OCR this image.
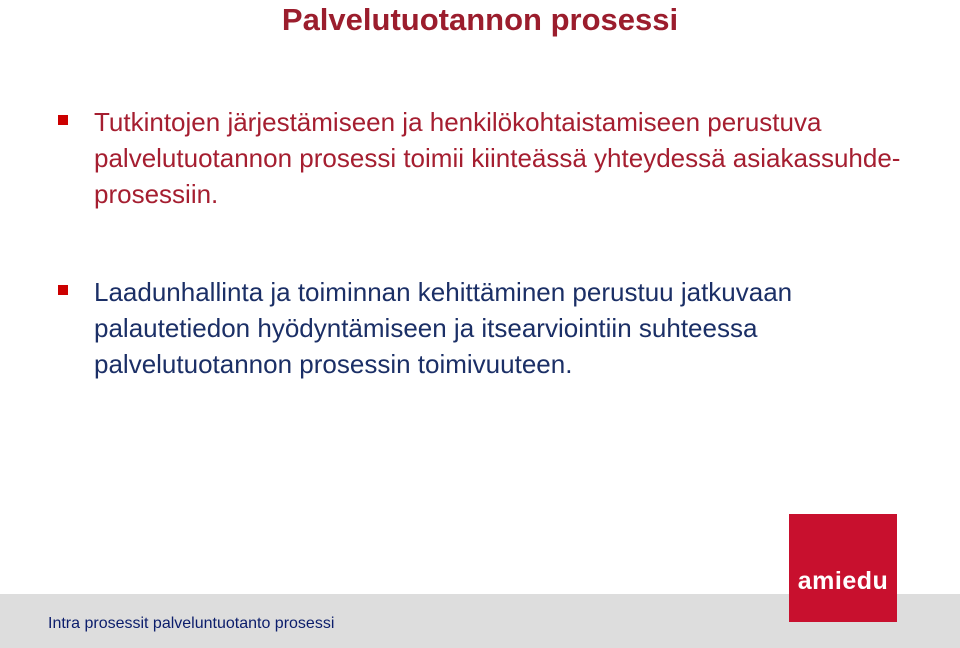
Palvelutuotannon prosessi
Tutkintojen järjestämiseen ja henkilökohtaistamiseen perustuva palvelutuotannon prosessi toimii kiinteässä yhteydessä asiakassuhde-prosessiin.
Laadunhallinta ja toiminnan kehittäminen perustuu jatkuvaan palautetiedon hyödyntämiseen ja itsearviointiin suhteessa palvelutuotannon prosessin toimivuuteen.
Intra prosessit palveluntuotanto prosessi
amiedu
